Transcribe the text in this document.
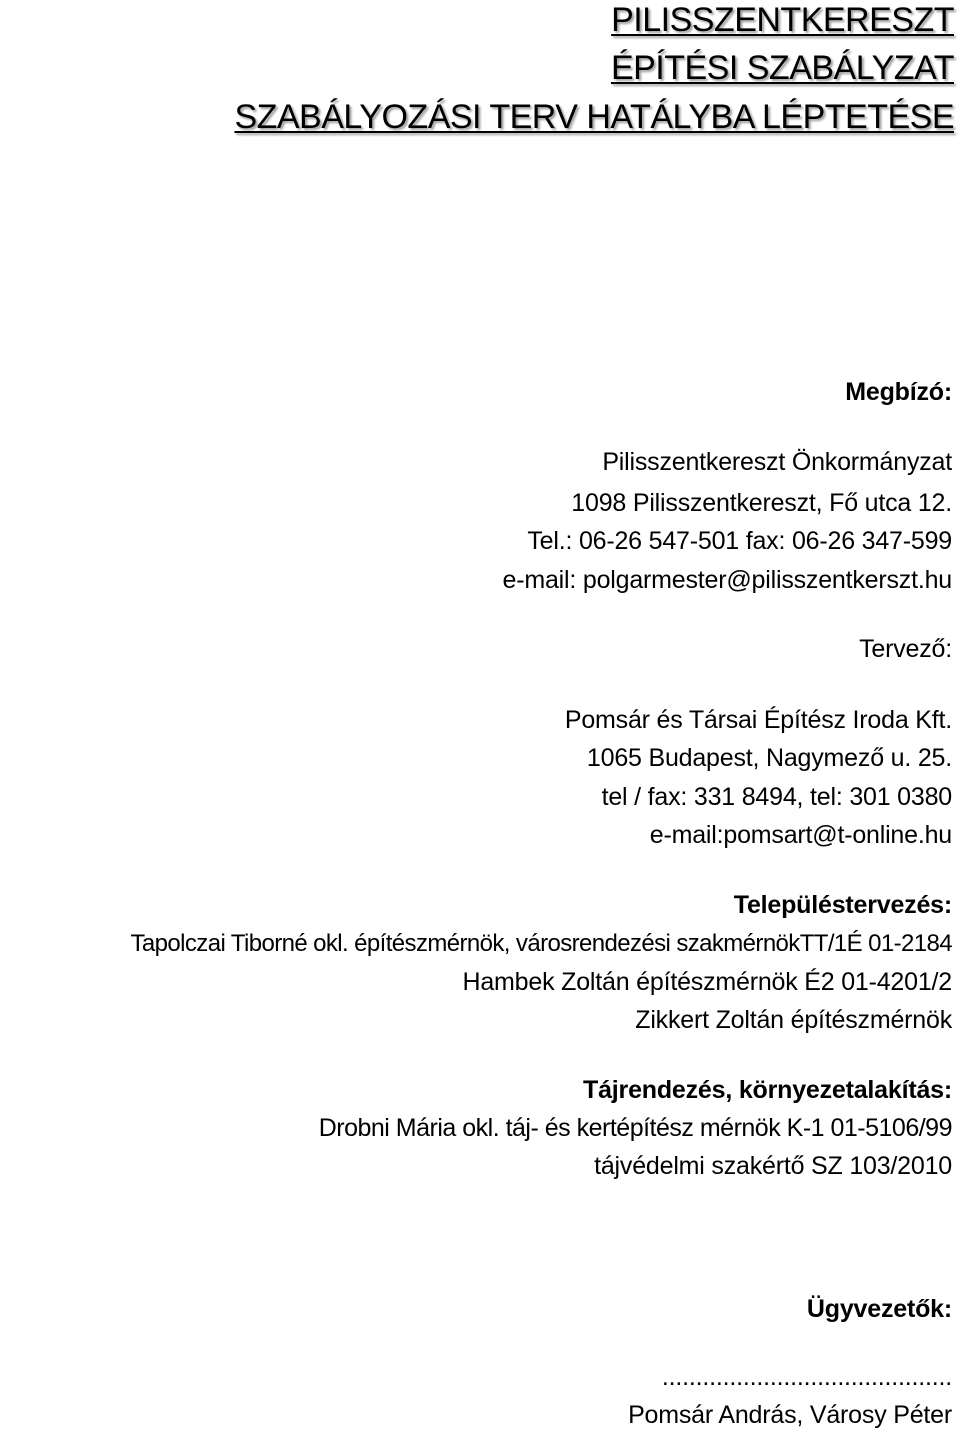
PILISSZENTKERESZT
ÉPÍTÉSI SZABÁLYZAT
SZABÁLYOZÁSI TERV HATÁLYBA LÉPTETÉSE
Megbízó:
Pilisszentkereszt Önkormányzat
1098 Pilisszentkereszt, Fő utca 12.
Tel.: 06-26 547-501 fax: 06-26 347-599
e-mail: polgarmester@pilisszentkerszt.hu
Tervező:
Pomsár és Társai Építész Iroda Kft.
1065 Budapest, Nagymező u. 25.
tel / fax: 331 8494, tel: 301 0380
e-mail:pomsart@t-online.hu
Településtervezés:
Tapolczai Tiborné okl. építészmérnök, városrendezési szakmérnökTT/1É 01-2184
Hambek Zoltán építészmérnök É2 01-4201/2
Zikkert Zoltán építészmérnök
Tájrendezés, környezetalakítás:
Drobni Mária okl. táj- és kertépítész mérnök K-1 01-5106/99
tájvédelmi szakértő SZ 103/2010
Ügyvezetők:
...........................................
Pomsár András, Városy Péter
